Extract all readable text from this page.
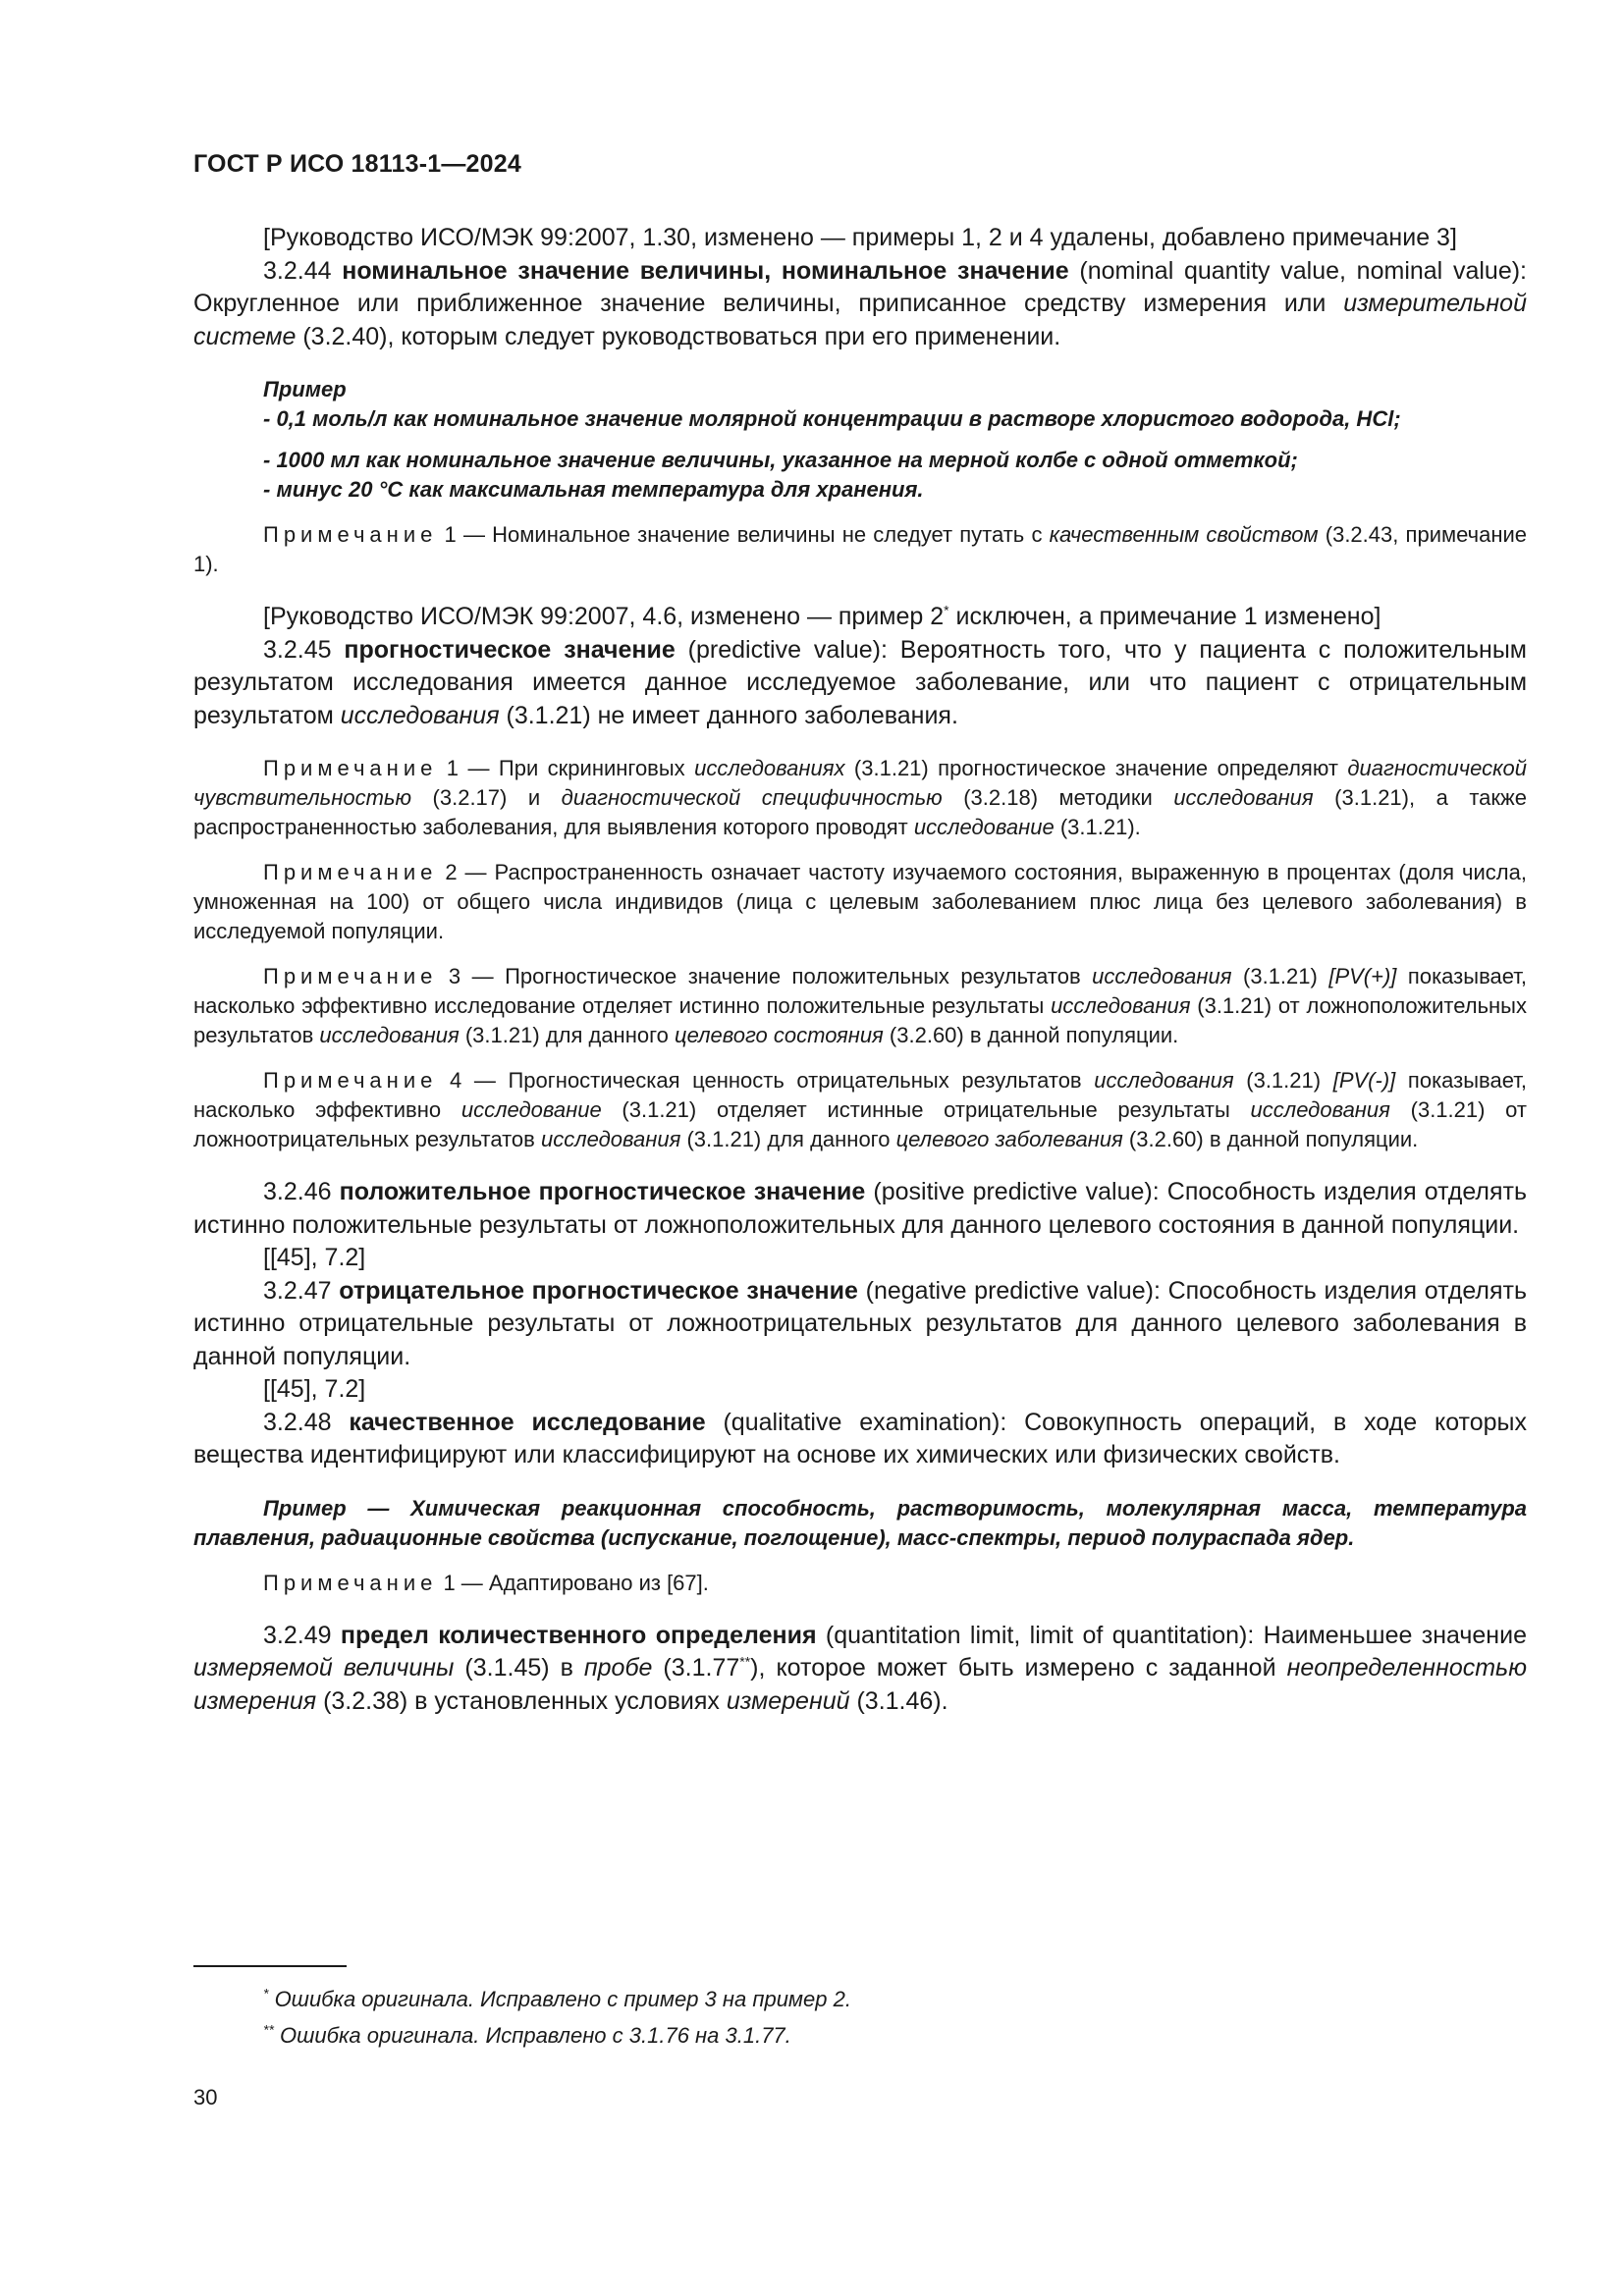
ГОСТ Р ИСО 18113-1—2024

[Руководство ИСО/МЭК 99:2007, 1.30, изменено — примеры 1, 2 и 4 удалены, добавлено примечание 3]

3.2.44 номинальное значение величины, номинальное значение (nominal quantity value, nominal value): Округленное или приближенное значение величины, приписанное средству измерения или измерительной системе (3.2.40), которым следует руководствоваться при его применении.

Пример

- 0,1 моль/л как номинальное значение молярной концентрации в растворе хлористого водорода, HCl;

- 1000 мл как номинальное значение величины, указанное на мерной колбе с одной отметкой;

- минус 20 °С как максимальная температура для хранения.

Примечание 1 — Номинальное значение величины не следует путать с качественным свойством (3.2.43, примечание 1).

[Руководство ИСО/МЭК 99:2007, 4.6, изменено — пример 2* исключен, а примечание 1 изменено]

3.2.45 прогностическое значение (predictive value): Вероятность того, что у пациента с положительным результатом исследования имеется данное исследуемое заболевание, или что пациент с отрицательным результатом исследования (3.1.21) не имеет данного заболевания.

Примечание 1 — При скрининговых исследованиях (3.1.21) прогностическое значение определяют диагностической чувствительностью (3.2.17) и диагностической специфичностью (3.2.18) методики исследования (3.1.21), а также распространенностью заболевания, для выявления которого проводят исследование (3.1.21).

Примечание 2 — Распространенность означает частоту изучаемого состояния, выраженную в процентах (доля числа, умноженная на 100) от общего числа индивидов (лица с целевым заболеванием плюс лица без целевого заболевания) в исследуемой популяции.

Примечание 3 — Прогностическое значение положительных результатов исследования (3.1.21) [PV(+)] показывает, насколько эффективно исследование отделяет истинно положительные результаты исследования (3.1.21) от ложноположительных результатов исследования (3.1.21) для данного целевого состояния (3.2.60) в данной популяции.

Примечание 4 — Прогностическая ценность отрицательных результатов исследования (3.1.21) [PV(-)] показывает, насколько эффективно исследование (3.1.21) отделяет истинные отрицательные результаты исследования (3.1.21) от ложноотрицательных результатов исследования (3.1.21) для данного целевого заболевания (3.2.60) в данной популяции.

3.2.46 положительное прогностическое значение (positive predictive value): Способность изделия отделять истинно положительные результаты от ложноположительных для данного целевого состояния в данной популяции.

[[45], 7.2]

3.2.47 отрицательное прогностическое значение (negative predictive value): Способность изделия отделять истинно отрицательные результаты от ложноотрицательных результатов для данного целевого заболевания в данной популяции.

[[45], 7.2]

3.2.48 качественное исследование (qualitative examination): Совокупность операций, в ходе которых вещества идентифицируют или классифицируют на основе их химических или физических свойств.

Пример — Химическая реакционная способность, растворимость, молекулярная масса, температура плавления, радиационные свойства (испускание, поглощение), масс-спектры, период полураспада ядер.

Примечание 1 — Адаптировано из [67].

3.2.49 предел количественного определения (quantitation limit, limit of quantitation): Наименьшее значение измеряемой величины (3.1.45) в пробе (3.1.77**), которое может быть измерено с заданной неопределенностью измерения (3.2.38) в установленных условиях измерений (3.1.46).

* Ошибка оригинала. Исправлено с пример 3 на пример 2.
** Ошибка оригинала. Исправлено с 3.1.76 на 3.1.77.
30
